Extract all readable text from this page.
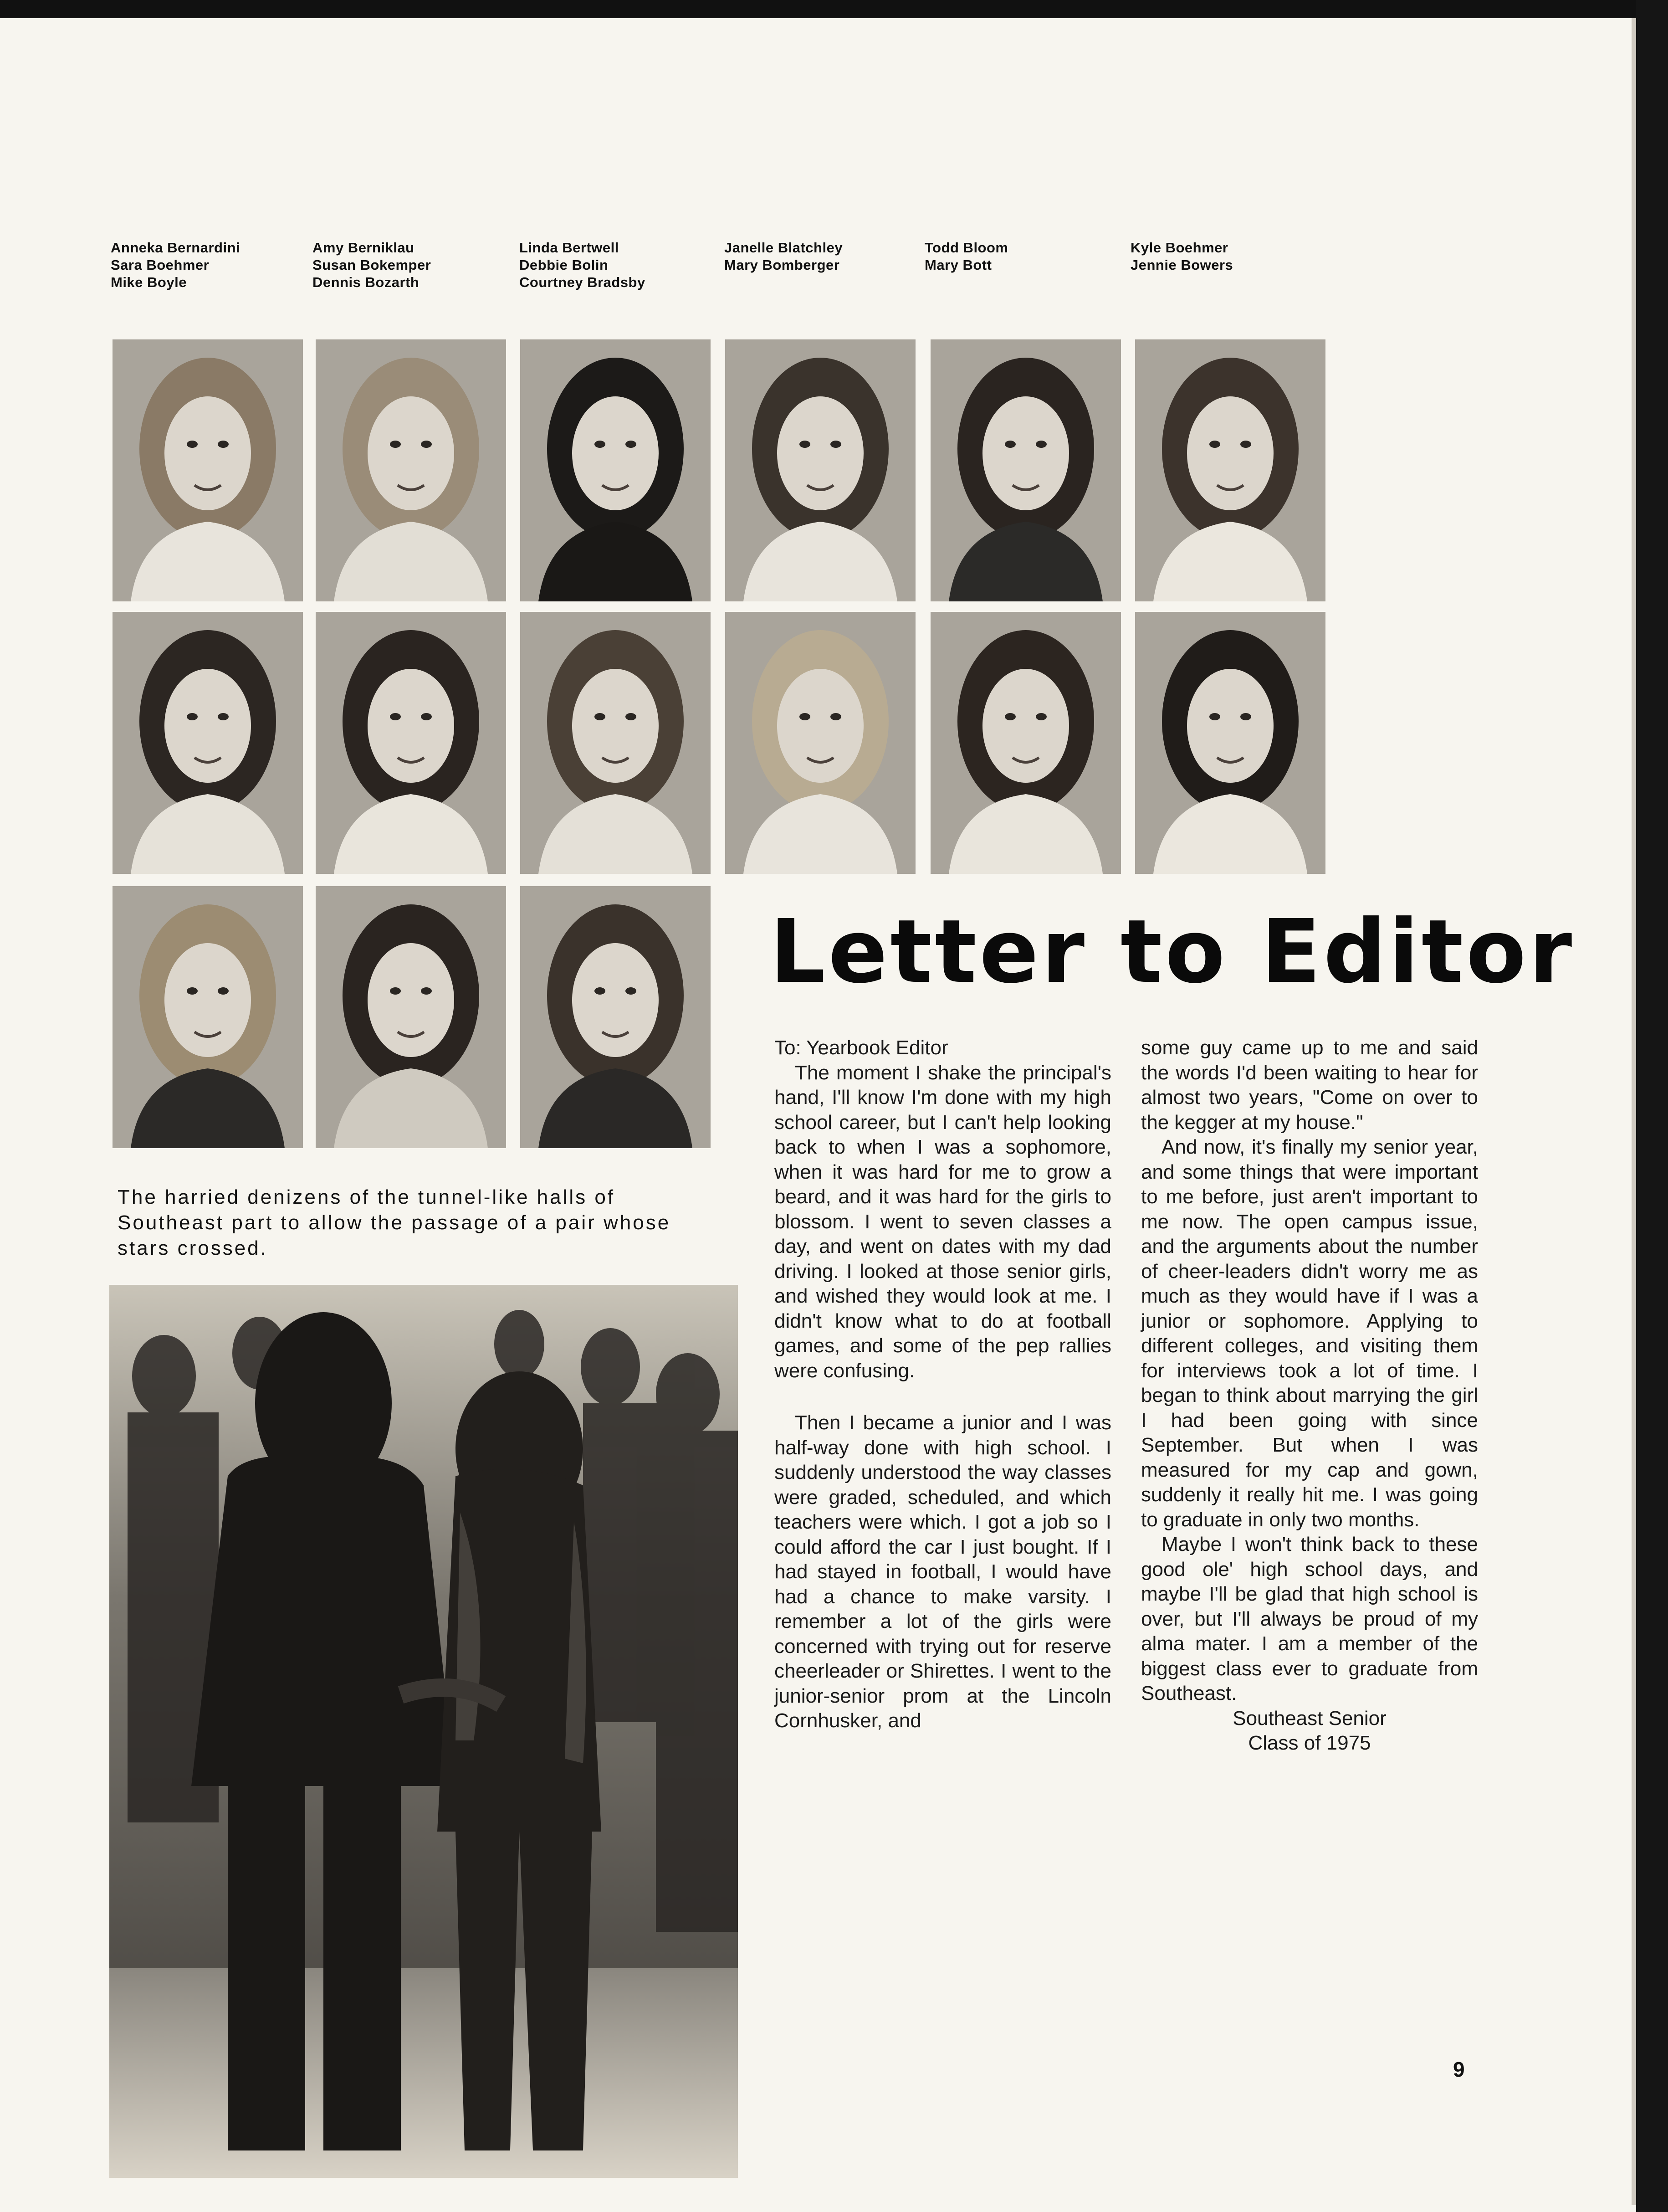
Anneka Bernardini
Sara Boehmer
Mike Boyle
Amy Berniklau
Susan Bokemper
Dennis Bozarth
Linda Bertwell
Debbie Bolin
Courtney Bradsby
Janelle Blatchley
Mary Bomberger
Todd Bloom
Mary Bott
Kyle Boehmer
Jennie Bowers
The harried denizens of the tunnel-like halls of Southeast part to allow the passage of a pair whose stars crossed.
Letter to Editor

To: Yearbook Editor

The moment I shake the principal's hand, I'll know I'm done with my high school career, but I can't help looking back to when I was a sophomore, when it was hard for me to grow a beard, and it was hard for the girls to blossom. I went to seven classes a day, and went on dates with my dad driving. I looked at those senior girls, and wished they would look at me. I didn't know what to do at football games, and some of the pep rallies were confusing.

Then I became a junior and I was half-way done with high school. I suddenly understood the way classes were graded, scheduled, and which teachers were which. I got a job so I could afford the car I just bought. If I had stayed in football, I would have had a chance to make varsity. I remember a lot of the girls were concerned with trying out for reserve cheerleader or Shirettes. I went to the junior-senior prom at the Lincoln Cornhusker, and

some guy came up to me and said the words I'd been waiting to hear for almost two years, "Come on over to the kegger at my house."

And now, it's finally my senior year, and some things that were important to me before, just aren't important to me now. The open campus issue, and the arguments about the number of cheer-leaders didn't worry me as much as they would have if I was a junior or sophomore. Applying to different colleges, and visiting them for interviews took a lot of time. I began to think about marrying the girl I had been going with since September. But when I was measured for my cap and gown, suddenly it really hit me. I was going to graduate in only two months.

Maybe I won't think back to these good ole' high school days, and maybe I'll be glad that high school is over, but I'll always be proud of my alma mater. I am a member of the biggest class ever to graduate from Southeast.

Southeast Senior

Class of 1975

9
